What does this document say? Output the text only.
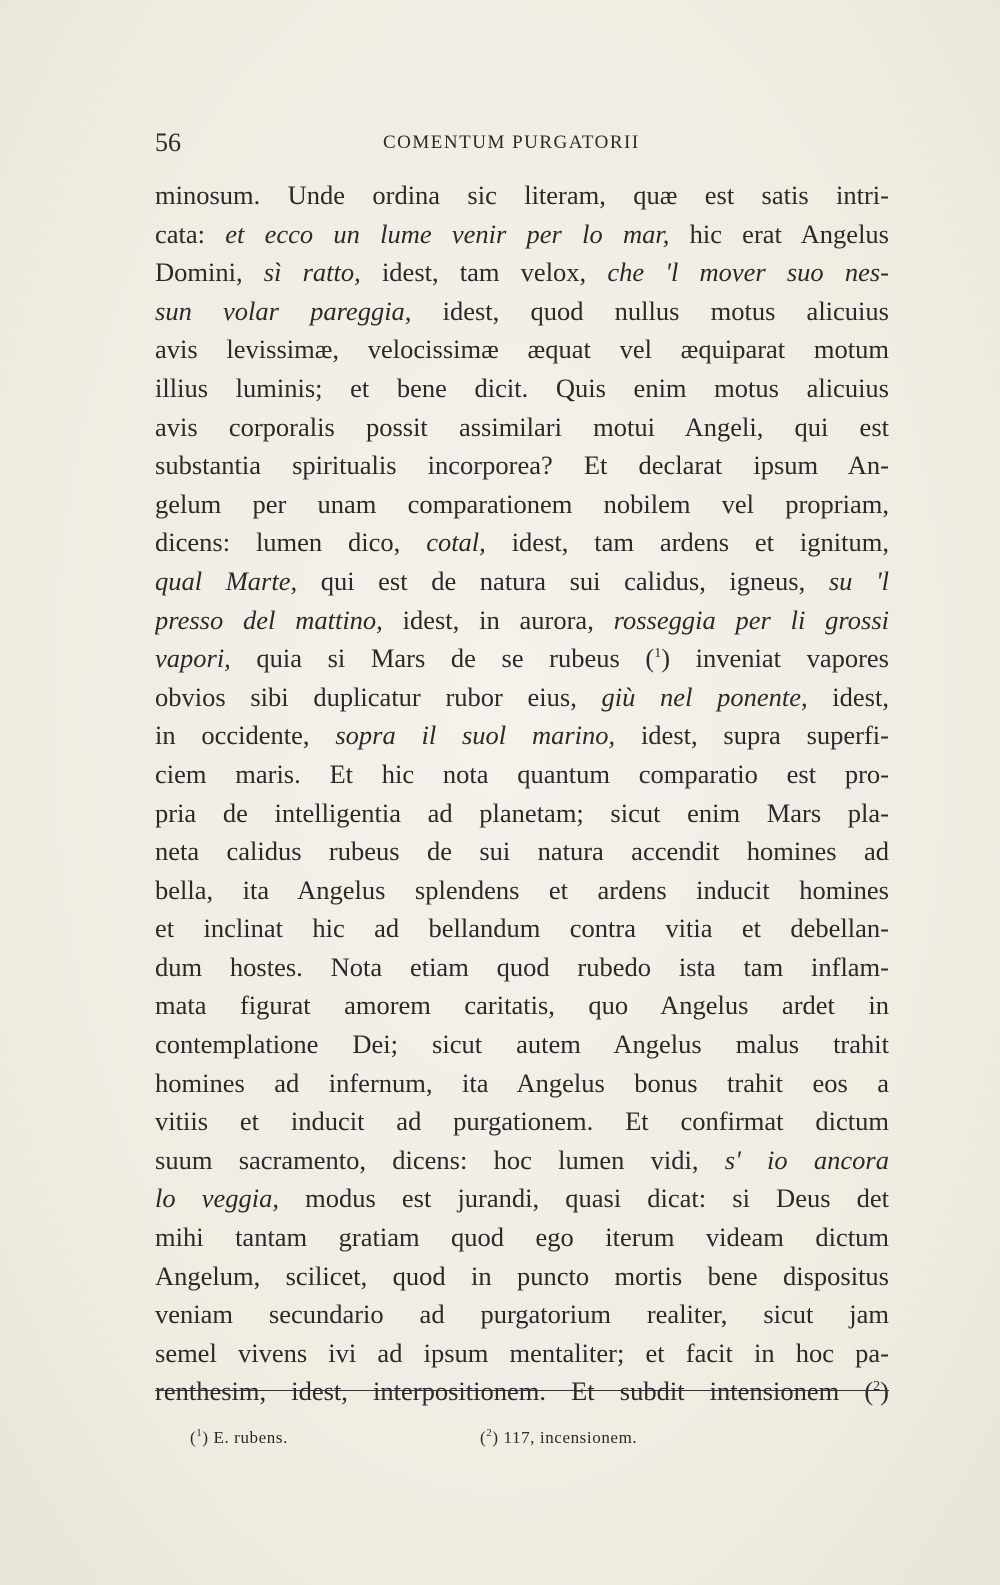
56	COMENTUM PURGATORII
minosum. Unde ordina sic literam, quæ est satis intri-
cata: et ecco un lume venir per lo mar, hic erat Angelus
Domini, sì ratto, idest, tam velox, che 'l mover suo nes-
sun volar pareggia, idest, quod nullus motus alicuius
avis levissimæ, velocissimæ æquat vel æquiparat motum
illius luminis; et bene dicit. Quis enim motus alicuius
avis corporalis possit assimilari motui Angeli, qui est
substantia spiritualis incorporea? Et declarat ipsum An-
gelum per unam comparationem nobilem vel propriam,
dicens: lumen dico, cotal, idest, tam ardens et ignitum,
qual Marte, qui est de natura sui calidus, igneus, su 'l
presso del mattino, idest, in aurora, rosseggia per li grossi
vapori, quia si Mars de se rubeus ($^1$) inveniat vapores
obvios sibi duplicatur rubor eius, giù nel ponente, idest,
in occidente, sopra il suol marino, idest, supra superfi-
ciem maris. Et hic nota quantum comparatio est pro-
pria de intelligentia ad planetam; sicut enim Mars pla-
neta calidus rubeus de sui natura accendit homines ad
bella, ita Angelus splendens et ardens inducit homines
et inclinat hic ad bellandum contra vitia et debellan-
dum hostes. Nota etiam quod rubedo ista tam inflam-
mata figurat amorem caritatis, quo Angelus ardet in
contemplatione Dei; sicut autem Angelus malus trahit
homines ad infernum, ita Angelus bonus trahit eos a
vitiis et inducit ad purgationem. Et confirmat dictum
suum sacramento, dicens: hoc lumen vidi, s' io ancora
lo veggia, modus est jurandi, quasi dicat: si Deus det
mihi tantam gratiam quod ego iterum videam dictum
Angelum, scilicet, quod in puncto mortis bene dispositus
veniam secundario ad purgatorium realiter, sicut jam
semel vivens ivi ad ipsum mentaliter; et facit in hoc pa-
renthesim, idest, interpositionem. Et subdit intensionem ($^2$)
($^1$) E. rubens.	($^2$) 117, incensionem.
